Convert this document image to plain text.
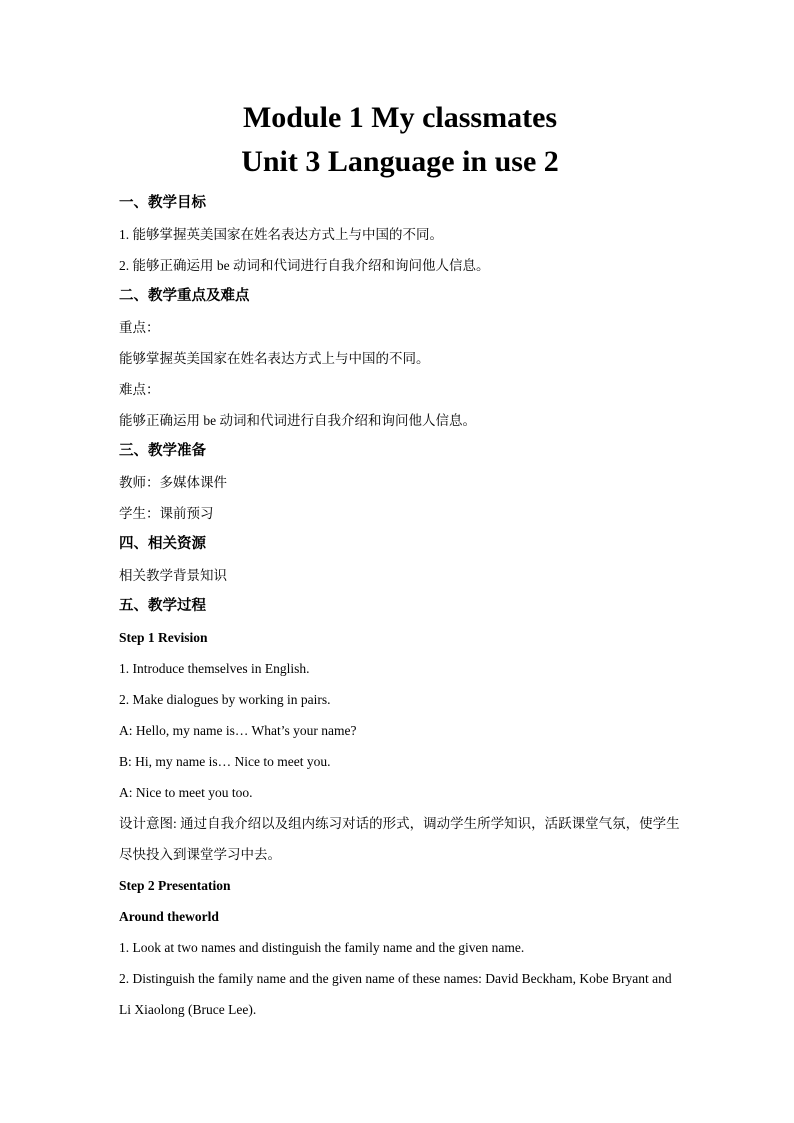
Module 1 My classmates
Unit 3 Language in use 2

一、教学目标

1. 能够掌握英美国家在姓名表达方式上与中国的不同。

2. 能够正确运用 be 动词和代词进行自我介绍和询问他人信息。

二、教学重点及难点

重点：

能够掌握英美国家在姓名表达方式上与中国的不同。

难点：

能够正确运用 be 动词和代词进行自我介绍和询问他人信息。

三、教学准备

教师：多媒体课件

学生：课前预习

四、相关资源

相关教学背景知识

五、教学过程

Step 1 Revision

1. Introduce themselves in English.

2. Make dialogues by working in pairs.

A: Hello, my name is… What’s your name?

B: Hi, my name is… Nice to meet you.

A: Nice to meet you too.

设计意图: 通过自我介绍以及组内练习对话的形式，调动学生所学知识，活跃课堂气氛，使学生尽快投入到课堂学习中去。

Step 2 Presentation

Around theworld

1. Look at two names and distinguish the family name and the given name.

2. Distinguish the family name and the given name of these names: David Beckham, Kobe Bryant and Li Xiaolong (Bruce Lee).
